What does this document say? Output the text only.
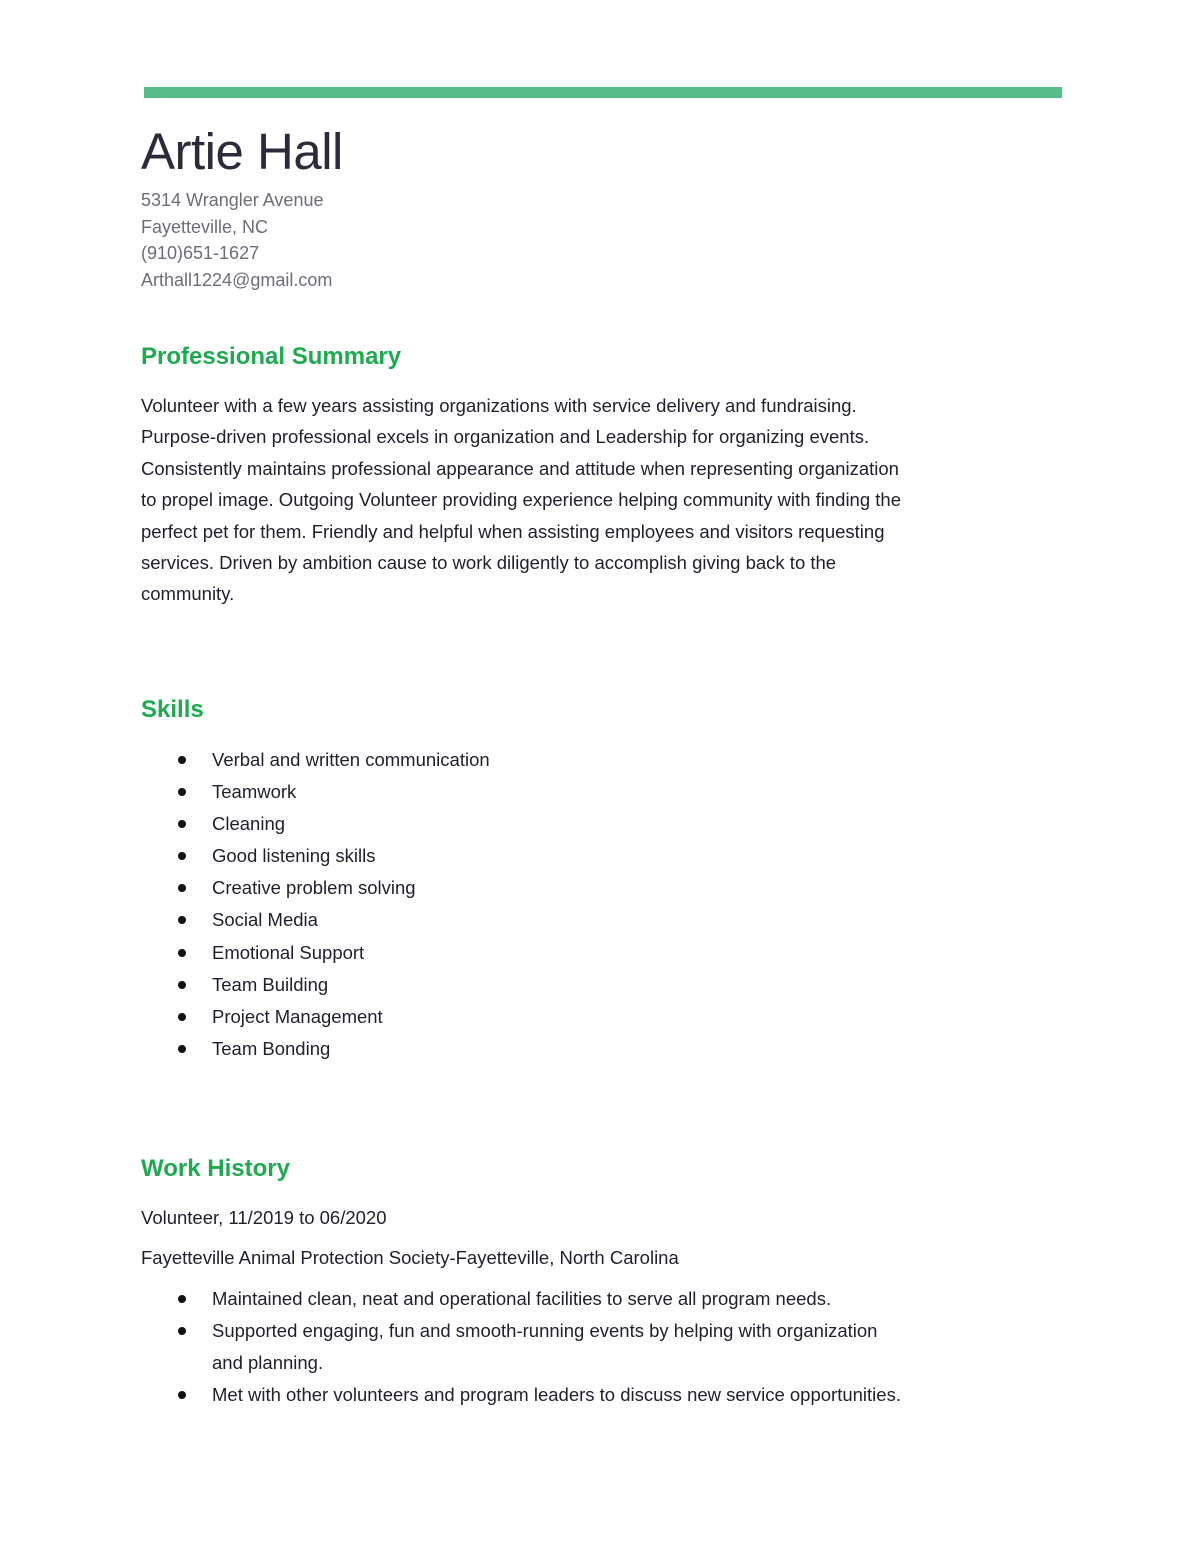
Artie Hall
5314 Wrangler Avenue
Fayetteville, NC
(910)651-1627
Arthall1224@gmail.com
Professional Summary

Volunteer with a few years assisting organizations with service delivery and fundraising. Purpose-driven professional excels in organization and Leadership for organizing events. Consistently maintains professional appearance and attitude when representing organization to propel image. Outgoing Volunteer providing experience helping community with finding the perfect pet for them. Friendly and helpful when assisting employees and visitors requesting services. Driven by ambition cause to work diligently to accomplish giving back to the community.

Skills
Verbal and written communication
Teamwork
Cleaning
Good listening skills
Creative problem solving
Social Media
Emotional Support
Team Building
Project Management
Team Bonding
Work History

Volunteer, 11/2019 to 06/2020

Fayetteville Animal Protection Society-Fayetteville, North Carolina

Maintained clean, neat and operational facilities to serve all program needs.
Supported engaging, fun and smooth-running events by helping with organization and planning.
Met with other volunteers and program leaders to discuss new service opportunities.
